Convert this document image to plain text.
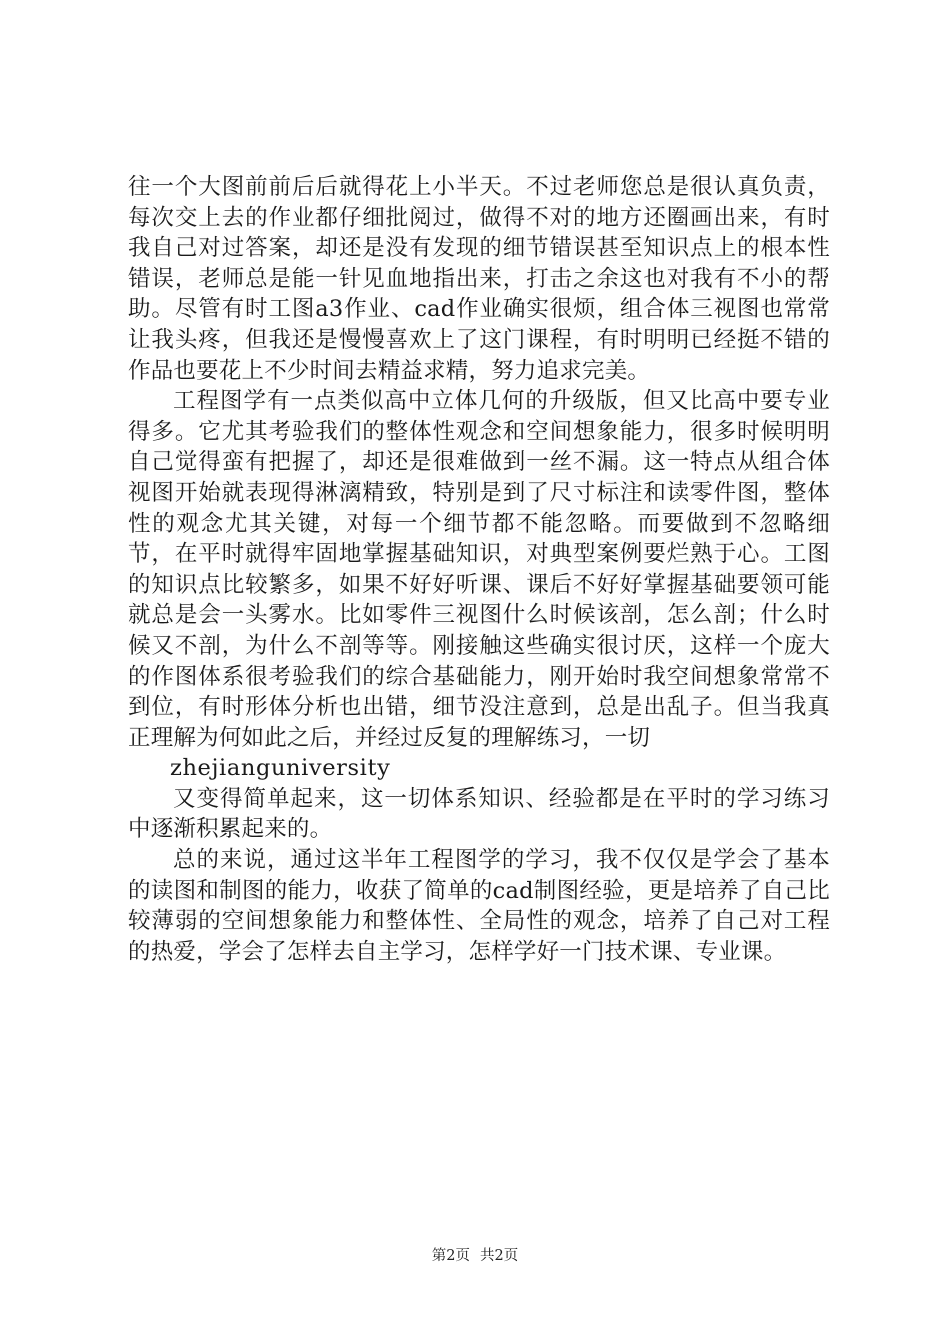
往一个大图前前后后就得花上小半天。不过老师您总是很认真负责，每次交上去的作业都仔细批阅过，做得不对的地方还圈画出来，有时我自己对过答案，却还是没有发现的细节错误甚至知识点上的根本性错误，老师总是能一针见血地指出来，打击之余这也对我有不小的帮助。尽管有时工图a3作业、cad作业确实很烦，组合体三视图也常常让我头疼，但我还是慢慢喜欢上了这门课程，有时明明已经挺不错的作品也要花上不少时间去精益求精，努力追求完美。

工程图学有一点类似高中立体几何的升级版，但又比高中要专业得多。它尤其考验我们的整体性观念和空间想象能力，很多时候明明自己觉得蛮有把握了，却还是很难做到一丝不漏。这一特点从组合体视图开始就表现得淋漓精致，特别是到了尺寸标注和读零件图，整体性的观念尤其关键，对每一个细节都不能忽略。而要做到不忽略细节，在平时就得牢固地掌握基础知识，对典型案例要烂熟于心。工图的知识点比较繁多，如果不好好听课、课后不好好掌握基础要领可能就总是会一头雾水。比如零件三视图什么时候该剖，怎么剖；什么时候又不剖，为什么不剖等等。刚接触这些确实很讨厌，这样一个庞大的作图体系很考验我们的综合基础能力，刚开始时我空间想象常常不到位，有时形体分析也出错，细节没注意到，总是出乱子。但当我真正理解为何如此之后，并经过反复的理解练习，一切

zhejianguniversity

又变得简单起来，这一切体系知识、经验都是在平时的学习练习中逐渐积累起来的。

总的来说，通过这半年工程图学的学习，我不仅仅是学会了基本的读图和制图的能力，收获了简单的cad制图经验，更是培养了自己比较薄弱的空间想象能力和整体性、全局性的观念，培养了自己对工程的热爱，学会了怎样去自主学习，怎样学好一门技术课、专业课。

第2页 共2页
